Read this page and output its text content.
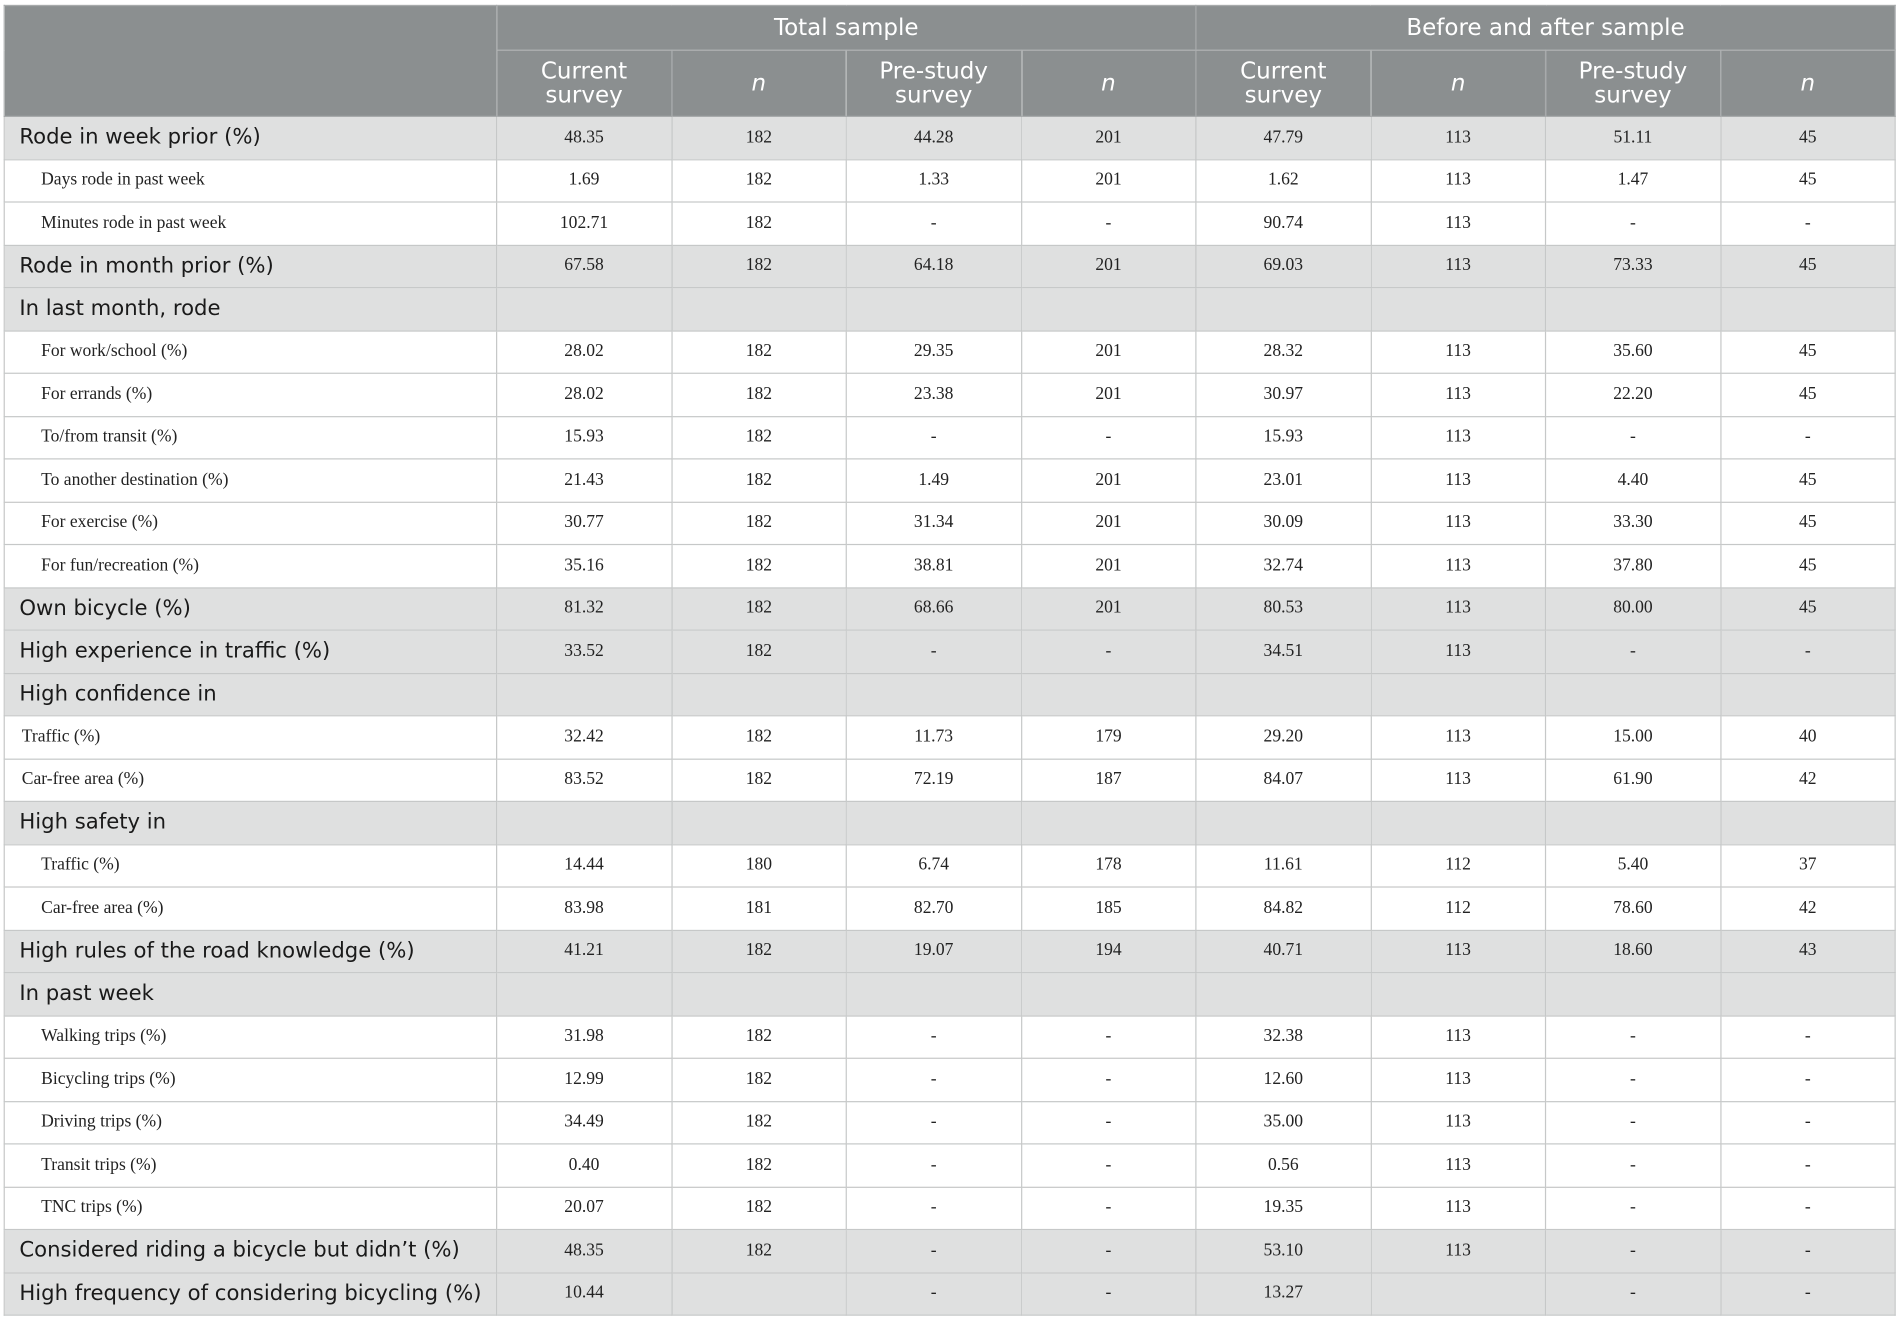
	Total sample				Before and after sample			
	Current survey	n	Pre-study survey	n	Current survey	n	Pre-study survey	n
Rode in week prior (%)	48.35	182	44.28	201	47.79	113	51.11	45
Days rode in past week	1.69	182	1.33	201	1.62	113	1.47	45
Minutes rode in past week	102.71	182	-	-	90.74	113	-	-
Rode in month prior (%)	67.58	182	64.18	201	69.03	113	73.33	45
In last month, rode								
For work/school (%)	28.02	182	29.35	201	28.32	113	35.60	45
For errands (%)	28.02	182	23.38	201	30.97	113	22.20	45
To/from transit (%)	15.93	182	-	-	15.93	113	-	-
To another destination (%)	21.43	182	1.49	201	23.01	113	4.40	45
For exercise (%)	30.77	182	31.34	201	30.09	113	33.30	45
For fun/recreation (%)	35.16	182	38.81	201	32.74	113	37.80	45
Own bicycle (%)	81.32	182	68.66	201	80.53	113	80.00	45
High experience in traffic (%)	33.52	182	-	-	34.51	113	-	-
High confidence in								
Traffic (%)	32.42	182	11.73	179	29.20	113	15.00	40
Car-free area (%)	83.52	182	72.19	187	84.07	113	61.90	42
High safety in								
Traffic (%)	14.44	180	6.74	178	11.61	112	5.40	37
Car-free area (%)	83.98	181	82.70	185	84.82	112	78.60	42
High rules of the road knowledge (%)	41.21	182	19.07	194	40.71	113	18.60	43
In past week								
Walking trips (%)	31.98	182	-	-	32.38	113	-	-
Bicycling trips (%)	12.99	182	-	-	12.60	113	-	-
Driving trips (%)	34.49	182	-	-	35.00	113	-	-
Transit trips (%)	0.40	182	-	-	0.56	113	-	-
TNC trips (%)	20.07	182	-	-	19.35	113	-	-
Considered riding a bicycle but didn’t (%)	48.35	182	-	-	53.10	113	-	-
High frequency of considering bicycling (%)	10.44		-	-	13.27		-	-
